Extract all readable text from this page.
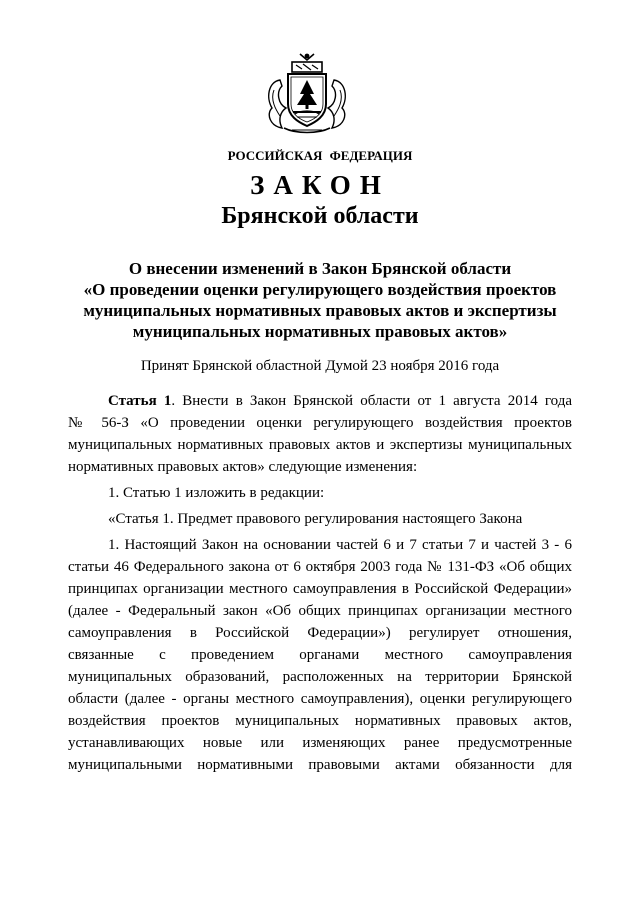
РОССИЙСКАЯ ФЕДЕРАЦИЯ
ЗАКОН
Брянской области
О внесении изменений в Закон Брянской области
«О проведении оценки регулирующего воздействия проектов
муниципальных нормативных правовых актов и экспертизы
муниципальных нормативных правовых актов»
Принят Брянской областной Думой 23 ноября 2016 года
Статья 1. Внести в Закон Брянской области от 1 августа 2014 года
№ 56-З «О проведении оценки регулирующего воздействия проектов
муниципальных нормативных правовых актов и экспертизы муниципальных
нормативных правовых актов» следующие изменения:
1. Статью 1 изложить в редакции:
«Статья 1. Предмет правового регулирования настоящего Закона
1. Настоящий Закон на основании частей 6 и 7 статьи 7 и частей 3 - 6
статьи 46 Федерального закона от 6 октября 2003 года № 131-ФЗ «Об общих
принципах организации местного самоуправления в Российской Федерации»
(далее - Федеральный закон «Об общих принципах организации местного
самоуправления в Российской Федерации») регулирует отношения,
связанные с проведением органами местного самоуправления
муниципальных образований, расположенных на территории Брянской
области (далее - органы местного самоуправления), оценки регулирующего
воздействия проектов муниципальных нормативных правовых актов,
устанавливающих новые или изменяющих ранее предусмотренные
муниципальными нормативными правовыми актами обязанности для
